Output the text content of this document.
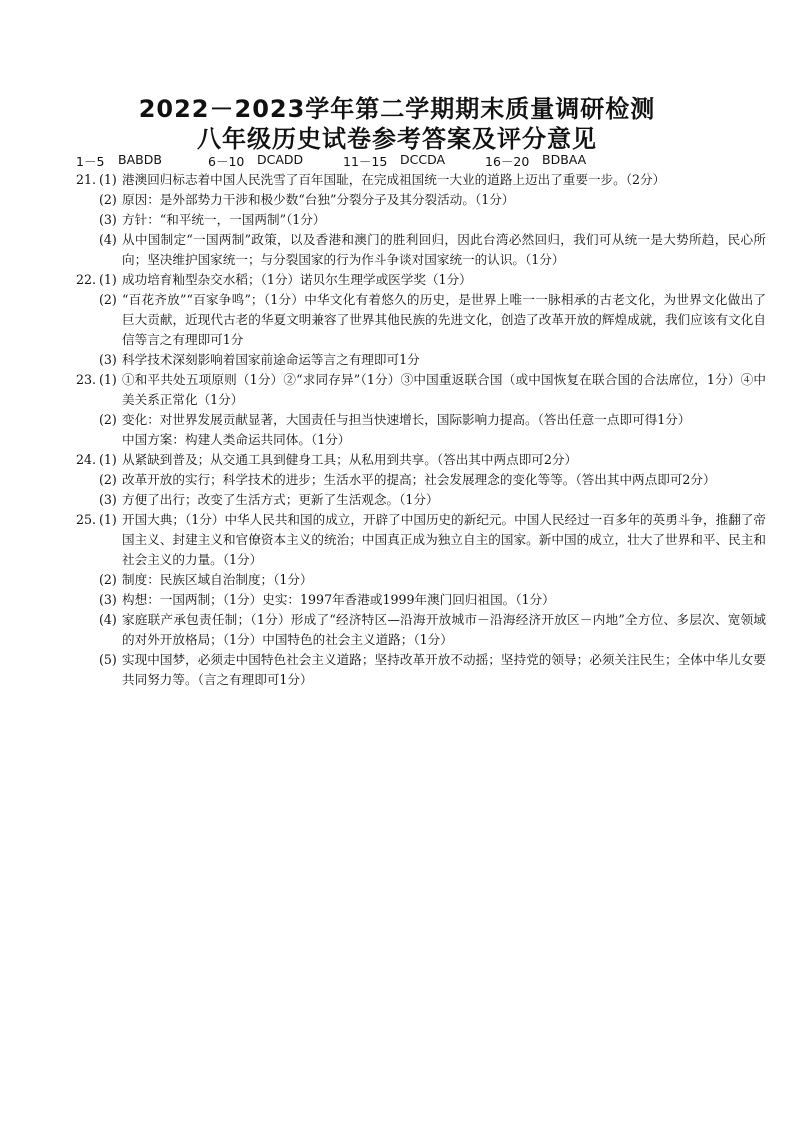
2022－2023学年第二学期期末质量调研检测
八年级历史试卷参考答案及评分意见
1－5 BABDB	6－10 DCADD	11－15 DCCDA	16－20 BDBAA
21. (1) 港澳回归标志着中国人民洗雪了百年国耻，在完成祖国统一大业的道路上迈出了重要一步。（2分）
(2) 原因：是外部势力干涉和极少数“台独”分裂分子及其分裂活动。（1分）
(3) 方针：“和平统一，一国两制”（1分）
(4) 从中国制定“一国两制”政策，以及香港和澳门的胜利回归，因此台湾必然回归，我们可从统一是大势所趋，民心所向；坚决维护国家统一；与分裂国家的行为作斗争谈对国家统一的认识。（1分）
22. (1) 成功培育籼型杂交水稻；（1分）诺贝尔生理学或医学奖（1分）
(2) “百花齐放”“百家争鸣”；（1分）中华文化有着悠久的历史，是世界上唯一一脉相承的古老文化，为世界文化做出了巨大贡献，近现代古老的华夏文明兼容了世界其他民族的先进文化，创造了改革开放的辉煌成就，我们应该有文化自信等言之有理即可1分
(3) 科学技术深刻影响着国家前途命运等言之有理即可1分
23. (1) ①和平共处五项原则（1分）②“求同存异”（1分）③中国重返联合国（或中国恢复在联合国的合法席位，1分）④中美关系正常化（1分）
(2) 变化：对世界发展贡献显著，大国责任与担当快速增长，国际影响力提高。（答出任意一点即可得1分）
中国方案：构建人类命运共同体。（1分）
24. (1) 从紧缺到普及；从交通工具到健身工具；从私用到共享。（答出其中两点即可2分）
(2) 改革开放的实行；科学技术的进步；生活水平的提高；社会发展理念的变化等等。（答出其中两点即可2分）
(3) 方便了出行；改变了生活方式；更新了生活观念。（1分）
25. (1) 开国大典；（1分）中华人民共和国的成立，开辟了中国历史的新纪元。中国人民经过一百多年的英勇斗争，推翻了帝国主义、封建主义和官僚资本主义的统治；中国真正成为独立自主的国家。新中国的成立，壮大了世界和平、民主和社会主义的力量。（1分）
(2) 制度：民族区域自治制度；（1分）
(3) 构想：一国两制；（1分）史实：1997年香港或1999年澳门回归祖国。（1分）
(4) 家庭联产承包责任制；（1分）形成了“经济特区—沿海开放城市－沿海经济开放区－内地”全方位、多层次、宽领域的对外开放格局；（1分）中国特色的社会主义道路；（1分）
(5) 实现中国梦，必须走中国特色社会主义道路；坚持改革开放不动摇；坚持党的领导；必须关注民生；全体中华儿女要共同努力等。（言之有理即可1分）
